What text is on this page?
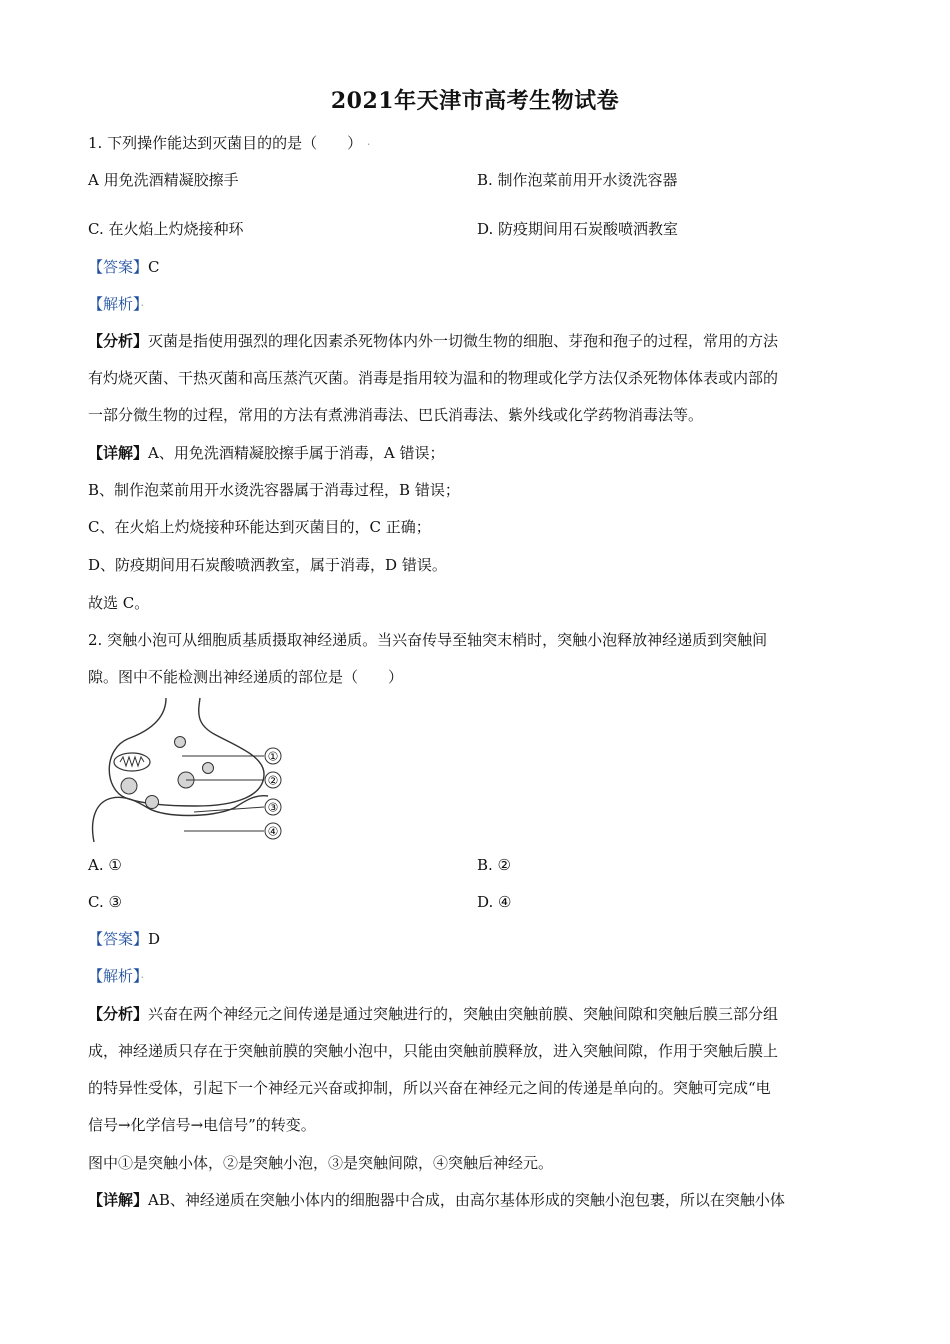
2021年天津市高考生物试卷
1. 下列操作能达到灭菌目的的是（　　） ·
A 用免洗酒精凝胶擦手	B. 制作泡菜前用开水烫洗容器
C. 在火焰上灼烧接种环	D. 防疫期间用石炭酸喷洒教室
【答案】C
【解析】·
【分析】灭菌是指使用强烈的理化因素杀死物体内外一切微生物的细胞、芽孢和孢子的过程，常用的方法
有灼烧灭菌、干热灭菌和高压蒸汽灭菌。消毒是指用较为温和的物理或化学方法仅杀死物体体表或内部的
一部分微生物的过程，常用的方法有煮沸消毒法、巴氏消毒法、紫外线或化学药物消毒法等。
【详解】A、用免洗酒精凝胶擦手属于消毒，A 错误；
B、制作泡菜前用开水烫洗容器属于消毒过程，B 错误；
C、在火焰上灼烧接种环能达到灭菌目的，C 正确；
D、防疫期间用石炭酸喷洒教室，属于消毒，D 错误。
故选 C。
2. 突触小泡可从细胞质基质摄取神经递质。当兴奋传导至轴突末梢时，突触小泡释放神经递质到突触间
隙。图中不能检测出神经递质的部位是（　　）
①
②
③
④
A. ①	B. ②
C. ③	D. ④
【答案】D
【解析】·
【分析】兴奋在两个神经元之间传递是通过突触进行的，突触由突触前膜、突触间隙和突触后膜三部分组
成，神经递质只存在于突触前膜的突触小泡中，只能由突触前膜释放，进入突触间隙，作用于突触后膜上
的特异性受体，引起下一个神经元兴奋或抑制，所以兴奋在神经元之间的传递是单向的。突触可完成“电
信号→化学信号→电信号”的转变。
图中①是突触小体，②是突触小泡，③是突触间隙，④突触后神经元。
【详解】AB、神经递质在突触小体内的细胞器中合成，由高尔基体形成的突触小泡包裹，所以在突触小体
